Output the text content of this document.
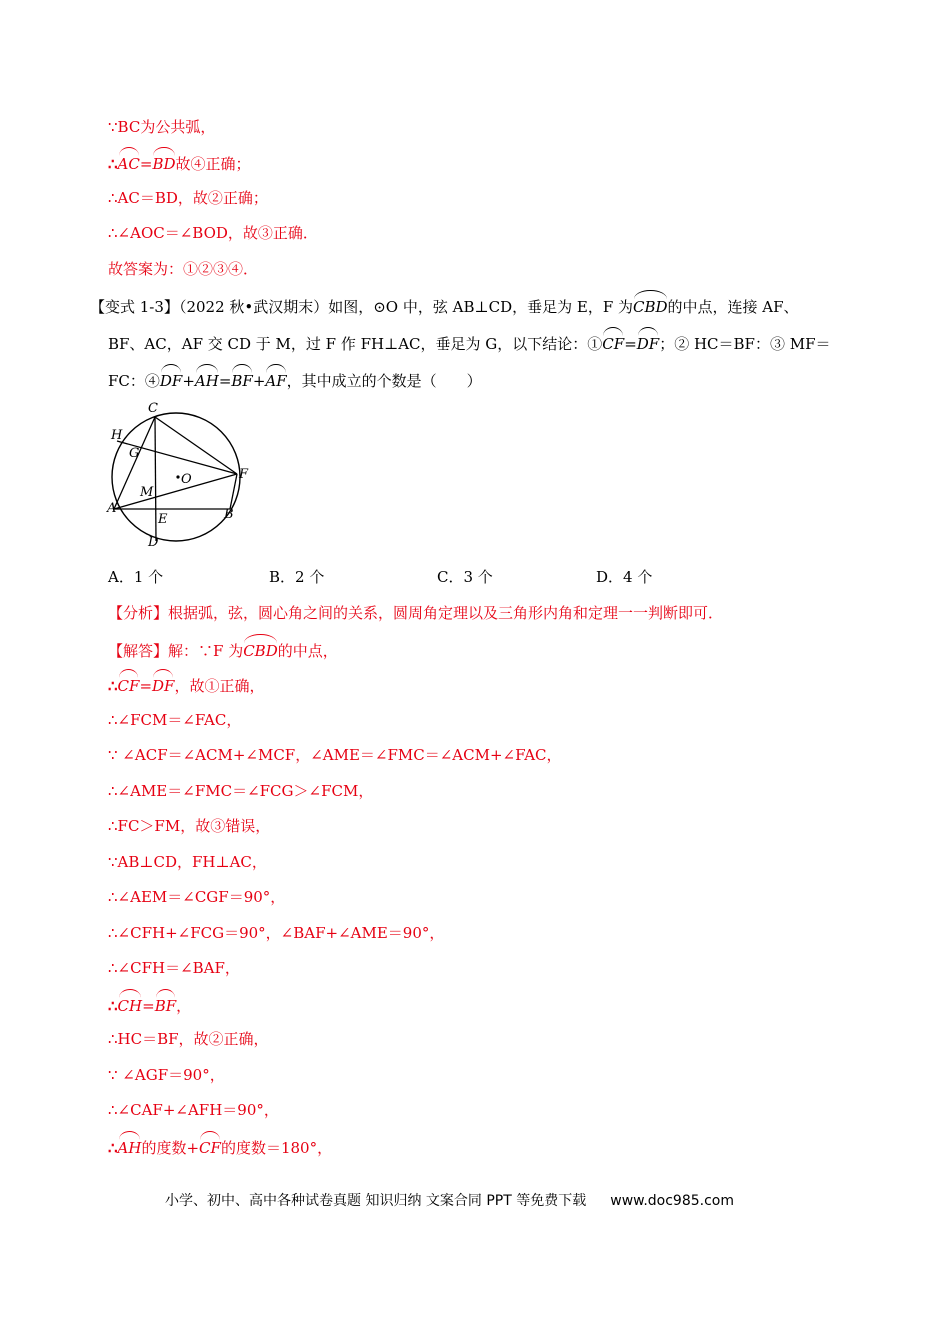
∵BC为公共弧，
∴AC=BD故④正确；
∴AC＝BD，故②正确；
∴∠AOC＝∠BOD，故③正确．
故答案为：①②③④．
【变式 1-3】（2022 秋•武汉期末）如图，⊙O 中，弦 AB⊥CD，垂足为 E，F 为CBD的中点，连接 AF、
BF、AC，AF 交 CD 于 M，过 F 作 FH⊥AC，垂足为 G，以下结论：①CF=DF；② HC＝BF：③ MF＝
FC：④DF+AH=BF+AF，其中成立的个数是（　　）
C
H
G
F
O
M
A
E	B
D
A．1 个	B．2 个	C．3 个	D．4 个
【分析】根据弧，弦，圆心角之间的关系，圆周角定理以及三角形内角和定理一一判断即可．
【解答】解：∵F 为CBD的中点，
∴CF=DF，故①正确，
∴∠FCM＝∠FAC，
∵ ∠ACF＝∠ACM+∠MCF，∠AME＝∠FMC＝∠ACM+∠FAC，
∴∠AME＝∠FMC＝∠FCG＞∠FCM，
∴FC＞FM，故③错误，
∵AB⊥CD，FH⊥AC，
∴∠AEM＝∠CGF＝90°，
∴∠CFH+∠FCG＝90°，∠BAF+∠AME＝90°，
∴∠CFH＝∠BAF，
∴CH=BF，
∴HC＝BF，故②正确，
∵ ∠AGF＝90°，
∴∠CAF+∠AFH＝90°，
∴AH的度数+CF的度数＝180°，
小学、初中、高中各种试卷真题 知识归纳 文案合同 PPT 等免费下载 www.doc985.com
